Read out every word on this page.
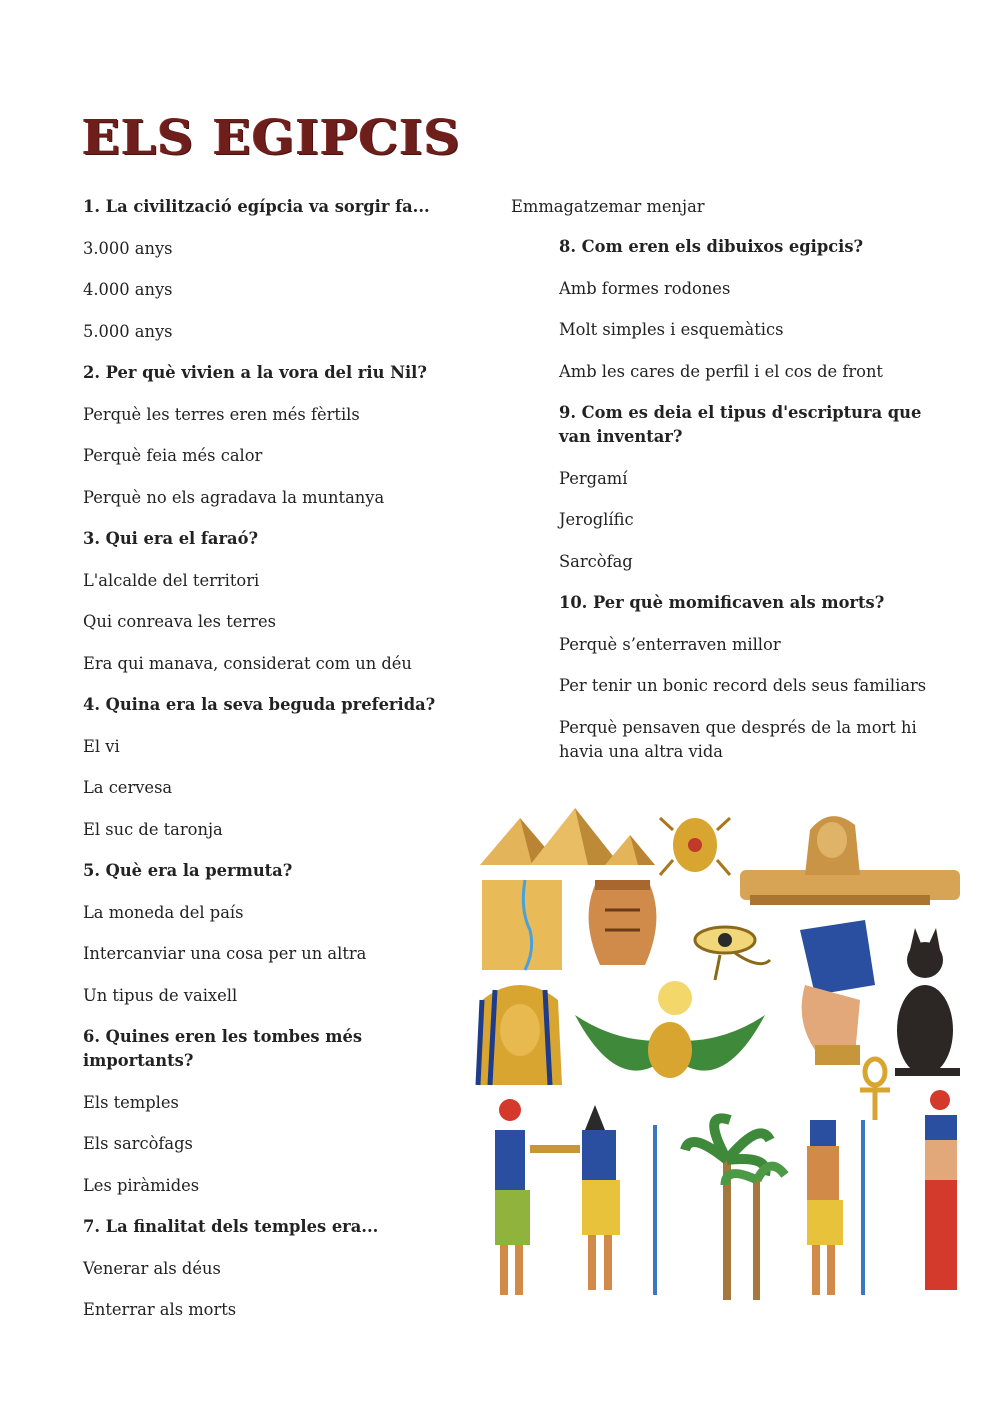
ELS EGIPCIS
1. La civilització egípcia va sorgir fa...
3.000 anys
4.000 anys
5.000 anys
2. Per què vivien a la vora del riu Nil?
Perquè les terres eren més fèrtils
Perquè feia més calor
Perquè no els agradava la muntanya
3. Qui era el faraó?
L'alcalde del territori
Qui conreava les terres
Era qui manava, considerat com un déu
4. Quina era la seva beguda preferida?
El vi
La cervesa
El suc de taronja
5. Què era la permuta?
La moneda del país
Intercanviar una cosa per un altra
Un tipus de vaixell
6. Quines eren les tombes més importants?
Els temples
Els sarcòfags
Les piràmides
7. La finalitat dels temples era...
Venerar als déus
Enterrar als morts
Emmagatzemar menjar
8. Com eren els dibuixos egipcis?
Amb formes rodones
Molt simples i esquemàtics
Amb les cares de perfil i el cos de front
9. Com es deia el tipus d'escriptura que van inventar?
Pergamí
Jeroglífic
Sarcòfag
10. Per què momificaven als morts?
Perquè s’enterraven millor
Per tenir un bonic record dels seus familiars
Perquè pensaven que després de la mort hi havia una altra vida
